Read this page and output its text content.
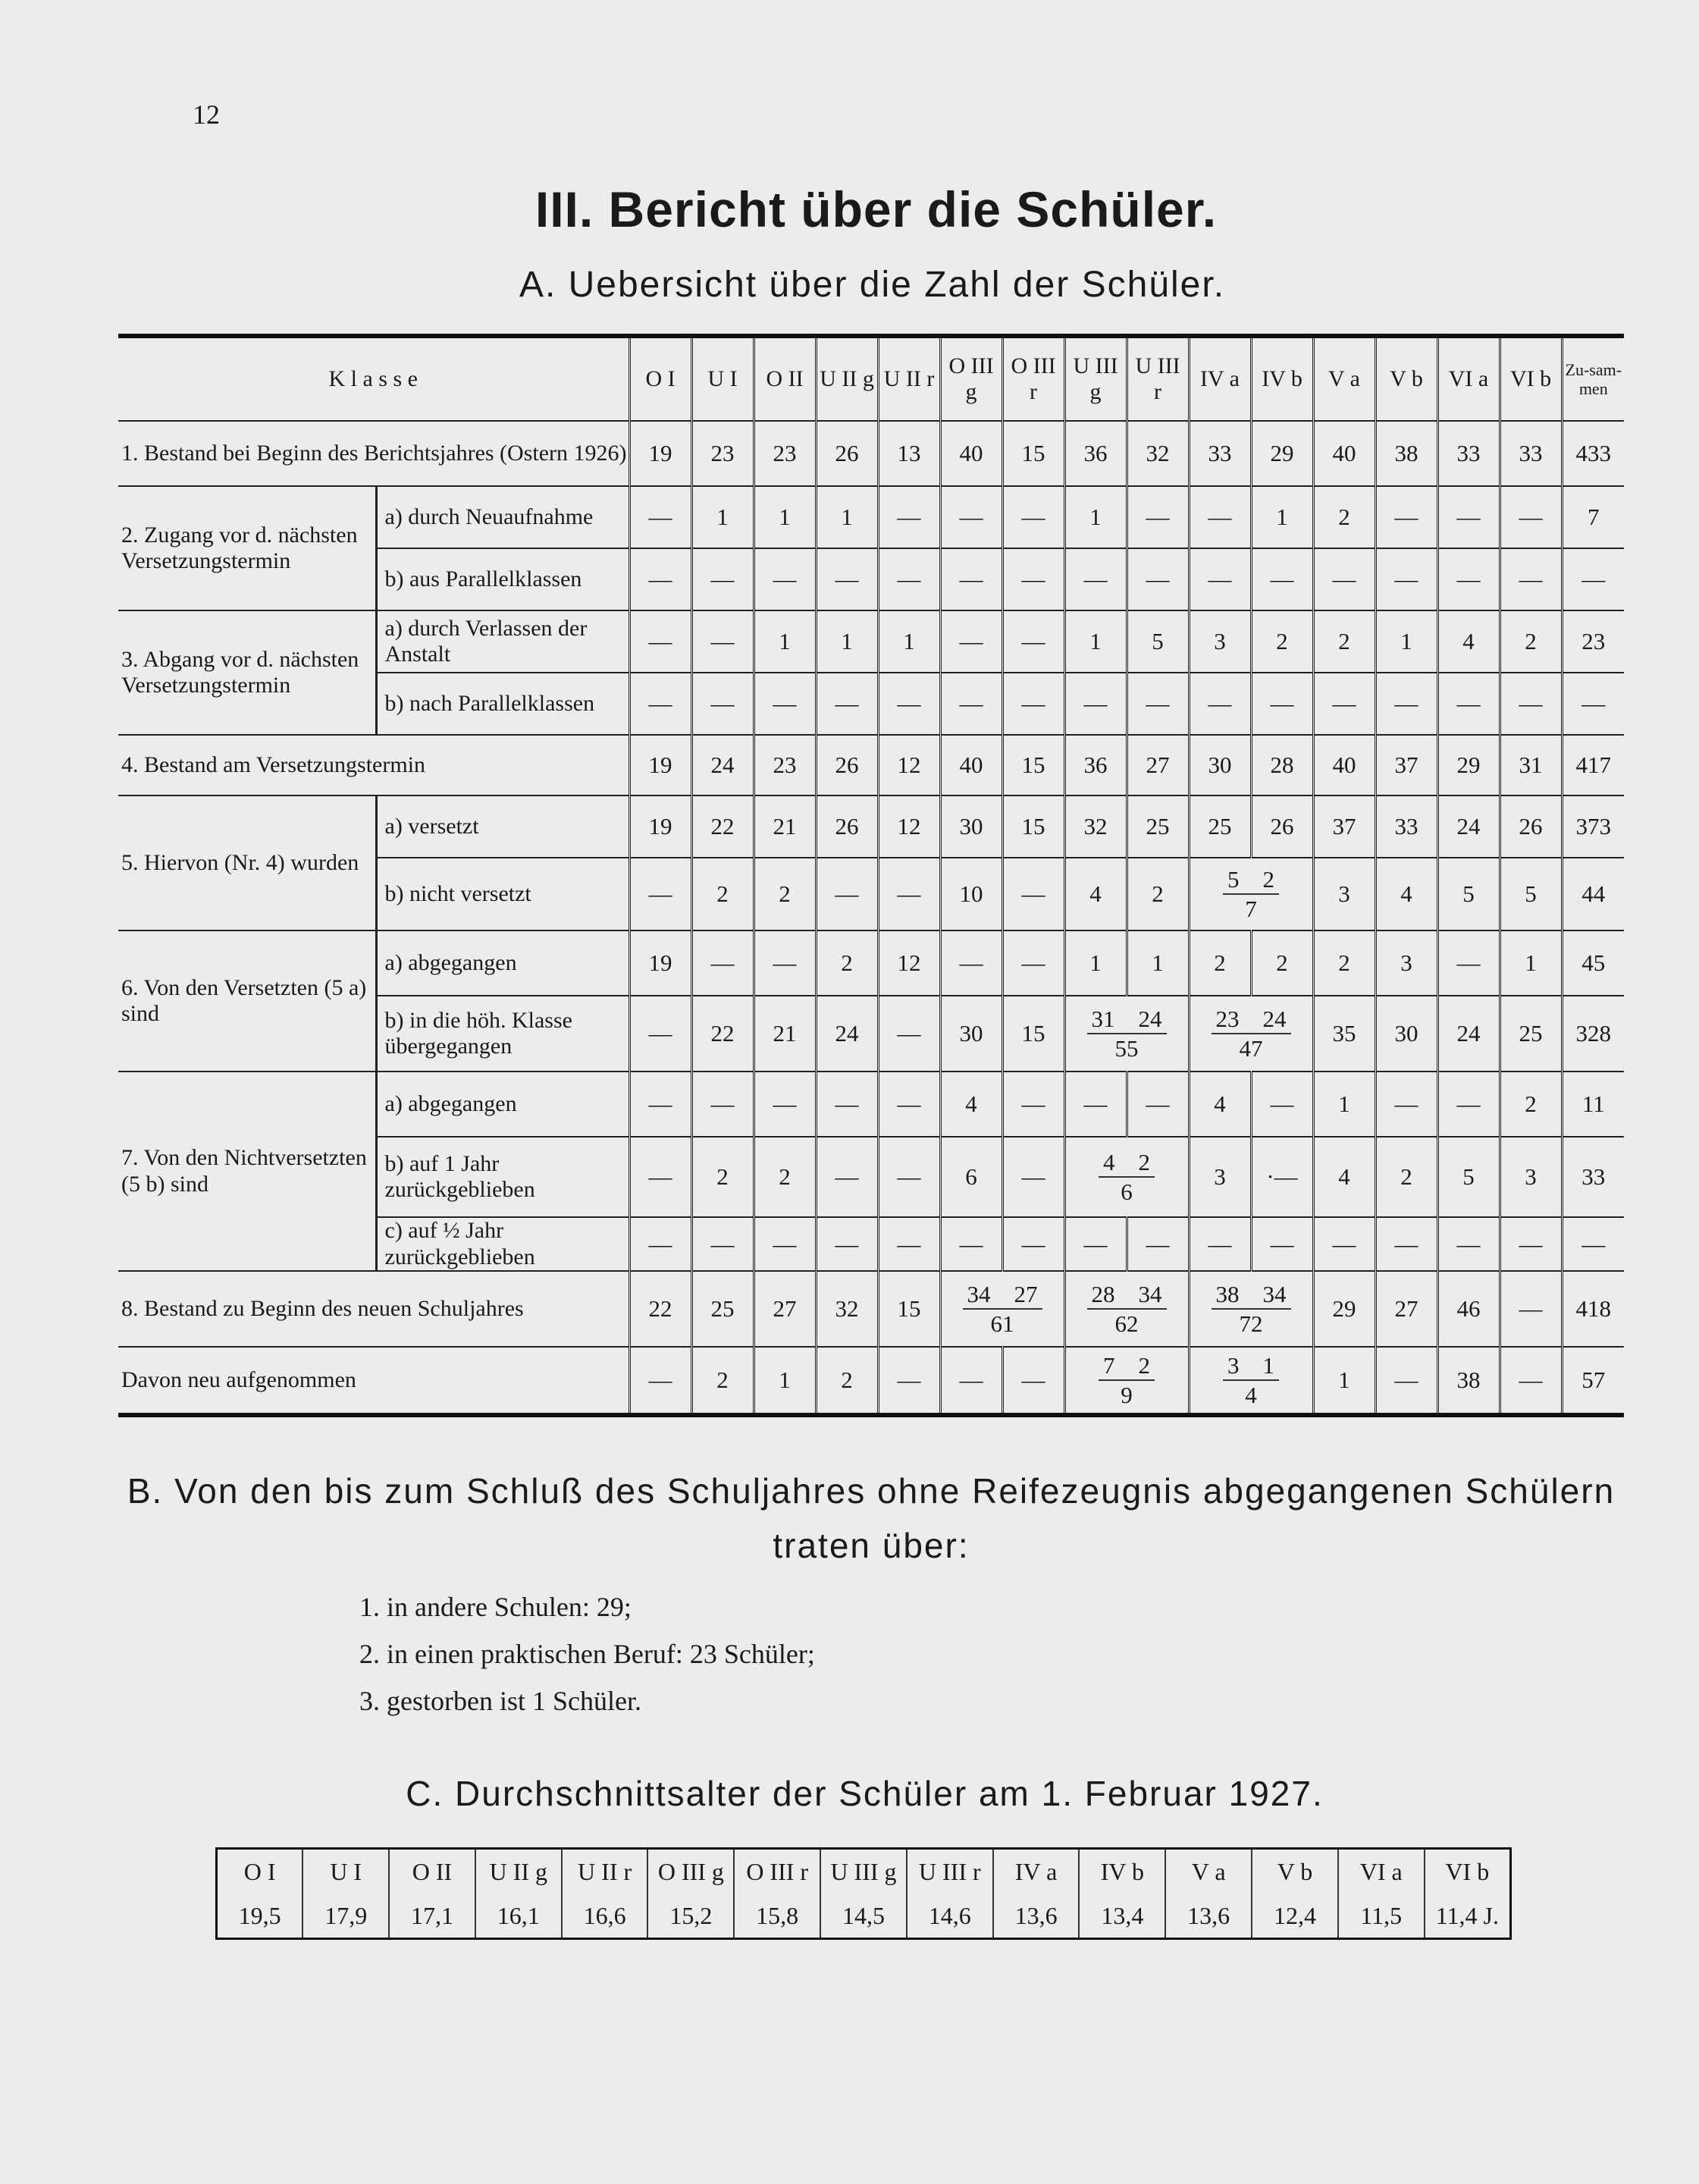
12
III. Bericht über die Schüler.
A. Uebersicht über die Zahl der Schüler.
K l a s s e		O I	U I	O II	U II g	U II r	O III g	O III r	U III g	U III r	IV a	IV b	V a	V b	VI a	VI b	Zu-sam-men
1. Bestand bei Beginn des Berichtsjahres (Ostern 1926)		19	23	23	26	13	40	15	36	32	33	29	40	38	33	33	433
2. Zugang vor d. nächsten Versetzungstermin	a) durch Neuaufnahme	—	1	1	1	—	—	—	1	—	—	1	2	—	—	—	7
	b) aus Parallelklassen	—	—	—	—	—	—	—	—	—	—	—	—	—	—	—	—
3. Abgang vor d. nächsten Versetzungstermin	a) durch Verlassen der Anstalt	—	—	1	1	1	—	—	1	5	3	2	2	1	4	2	23
	b) nach Parallelklassen	—	—	—	—	—	—	—	—	—	—	—	—	—	—	—	—
4. Bestand am Versetzungstermin		19	24	23	26	12	40	15	36	27	30	28	40	37	29	31	417
5. Hiervon (Nr. 4) wurden	a) versetzt	19	22	21	26	12	30	15	32	25	25	26	37	33	24	26	373
	b) nicht versetzt	—	2	2	—	—	10	—	4	2	$\frac{5 2}{7}$		3	4	5	5	44
6. Von den Versetzten (5 a) sind	a) abgegangen	19	—	—	2	12	—	—	1	1	2	2	2	3	—	1	45
	b) in die höh. Klasse übergegangen	—	22	21	24	—	30	15	$\frac{31 24}{55}$		$\frac{23 24}{47}$		35	30	24	25	328
7. Von den Nichtversetzten (5 b) sind	a) abgegangen	—	—	—	—	—	4	—	—	—	4	—	1	—	—	2	11
	b) auf 1 Jahr zurückgeblieben	—	2	2	—	—	6	—	$\frac{4 2}{6}$		3	·—	4	2	5	3	33
	c) auf ½ Jahr zurückgeblieben	—	—	—	—	—	—	—	—	—	—	—	—	—	—	—	—
8. Bestand zu Beginn des neuen Schuljahres		22	25	27	32	15	$\frac{34 27}{61}$		$\frac{28 34}{62}$		$\frac{38 34}{72}$		29	27	46	—	418
Davon neu aufgenommen		—	2	1	2	—	—	—	$\frac{7 2}{9}$		$\frac{3 1}{4}$		1	—	38	—	57
B. Von den bis zum Schluß des Schuljahres ohne Reifezeugnis abgegangenen Schülern traten über:
1. in andere Schulen: 29;
2. in einen praktischen Beruf: 23 Schüler;
3. gestorben ist 1 Schüler.
C. Durchschnittsalter der Schüler am 1. Februar 1927.
O I	U I	O II	U II g	U II r	O III g	O III r	U III g	U III r	IV a	IV b	V a	V b	VI a	VI b
19,5	17,9	17,1	16,1	16,6	15,2	15,8	14,5	14,6	13,6	13,4	13,6	12,4	11,5	11,4 J.
